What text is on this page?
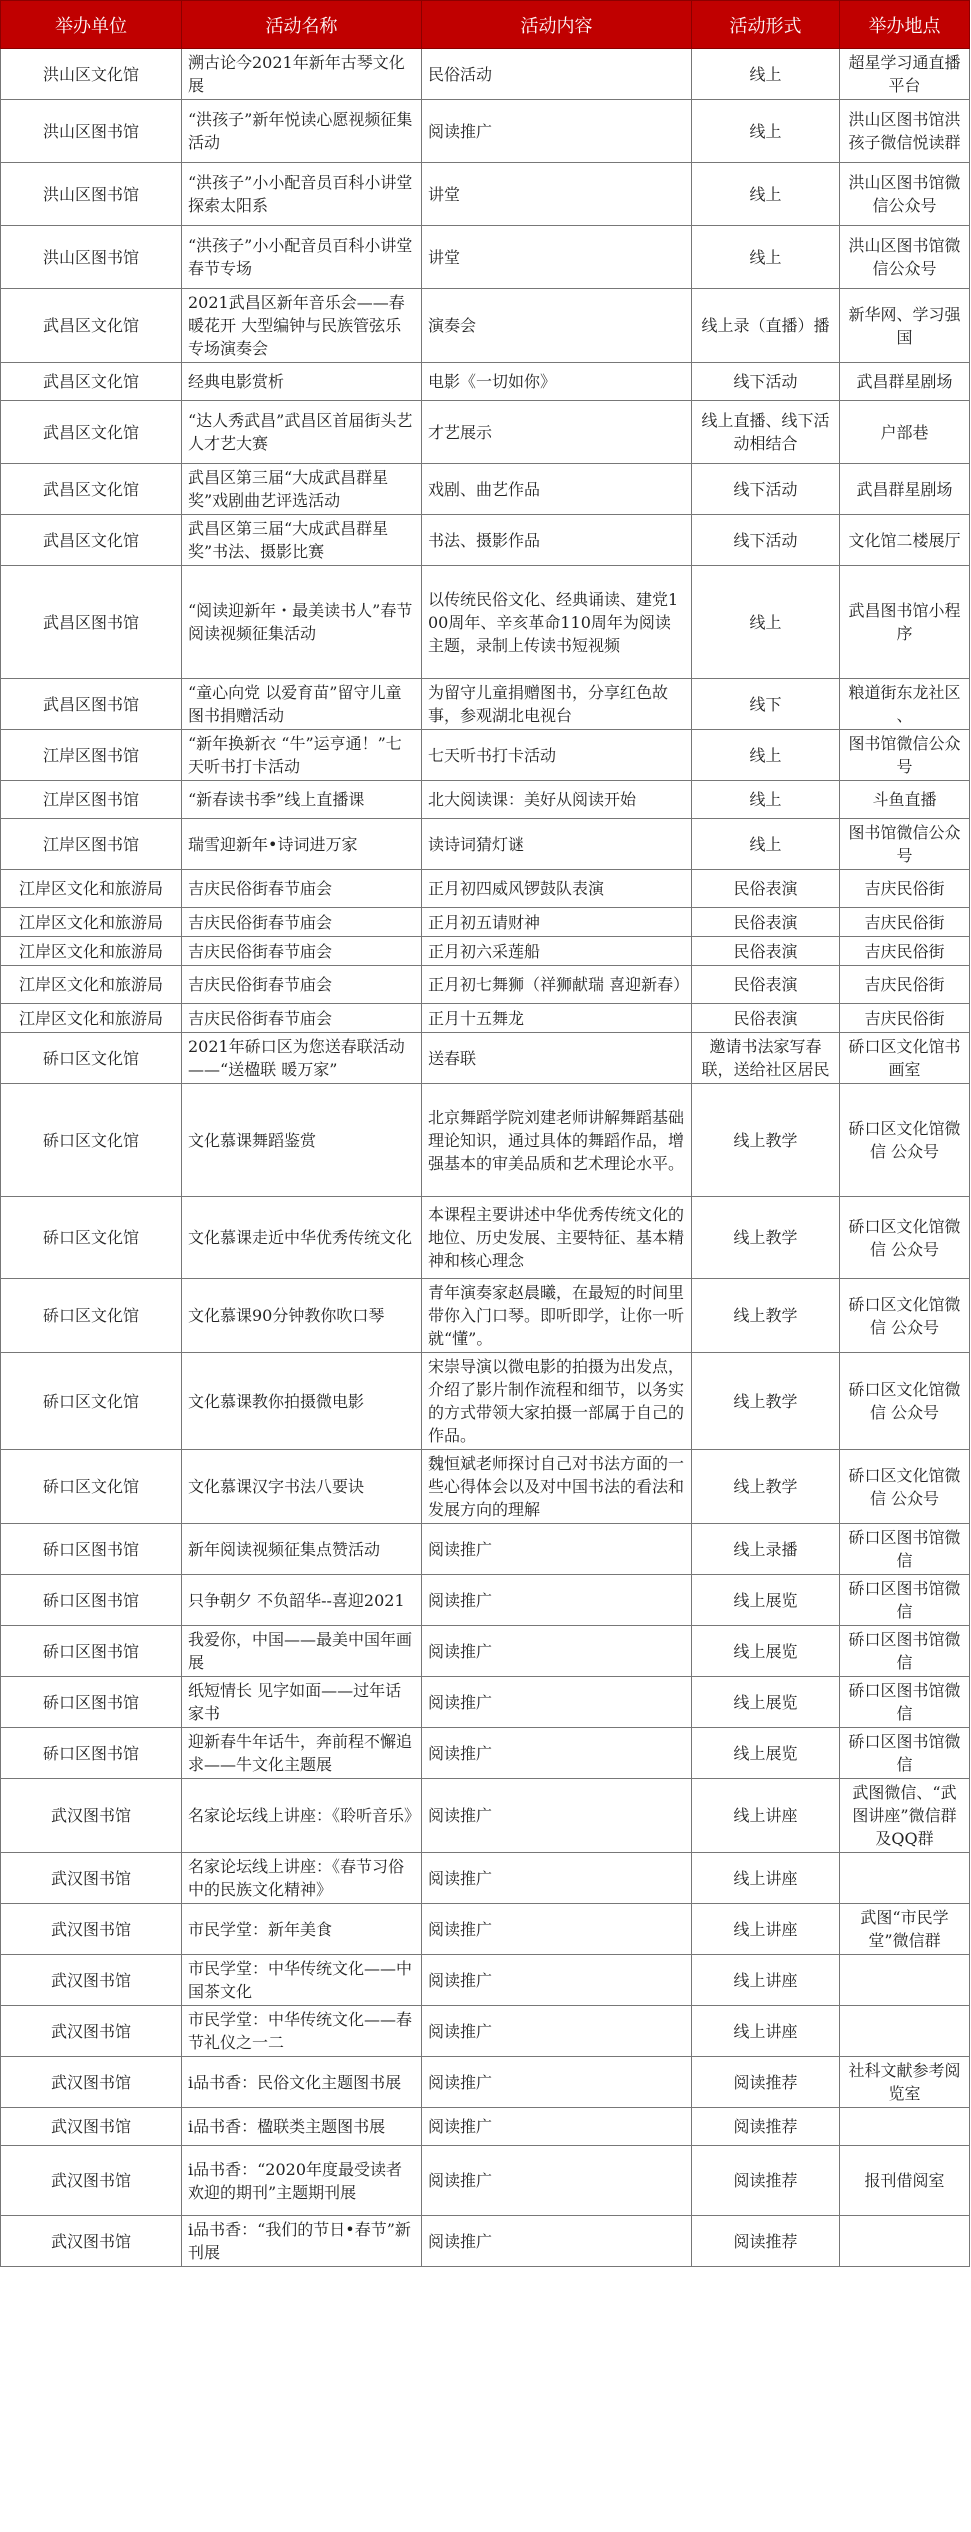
举办单位	活动名称	活动内容	活动形式	举办地点
洪山区文化馆	溯古论今2021年新年古琴文化展	民俗活动	线上	超星学习通直播平台
洪山区图书馆	“洪孩子”新年悦读心愿视频征集活动	阅读推广	线上	洪山区图书馆洪孩子微信悦读群
洪山区图书馆	“洪孩子”小小配音员百科小讲堂 探索太阳系	讲堂	线上	洪山区图书馆微信公众号
洪山区图书馆	“洪孩子”小小配音员百科小讲堂 春节专场	讲堂	线上	洪山区图书馆微信公众号
武昌区文化馆	2021武昌区新年音乐会——春暖花开 大型编钟与民族管弦乐专场演奏会	演奏会	线上录（直播）播	新华网、学习强国
武昌区文化馆	经典电影赏析	电影《一切如你》	线下活动	武昌群星剧场
武昌区文化馆	“达人秀武昌”武昌区首届街头艺人才艺大赛	才艺展示	线上直播、线下活动相结合	户部巷
武昌区文化馆	武昌区第三届“大成武昌群星奖”戏剧曲艺评选活动	戏剧、曲艺作品	线下活动	武昌群星剧场
武昌区文化馆	武昌区第三届“大成武昌群星奖”书法、摄影比赛	书法、摄影作品	线下活动	文化馆二楼展厅
武昌区图书馆	“阅读迎新年・最美读书人”春节阅读视频征集活动	以传统民俗文化、经典诵读、建党100周年、辛亥革命110周年为阅读主题，录制上传读书短视频	线上	武昌图书馆小程序
武昌区图书馆	“童心向党 以爱育苗”留守儿童图书捐赠活动	为留守儿童捐赠图书，分享红色故事，参观湖北电视台	线下	粮道街东龙社区 、
江岸区图书馆	“新年换新衣 “牛”运亨通！”七天听书打卡活动	七天听书打卡活动	线上	图书馆微信公众号
江岸区图书馆	“新春读书季”线上直播课	北大阅读课：美好从阅读开始	线上	斗鱼直播
江岸区图书馆	瑞雪迎新年•诗词进万家	读诗词猜灯谜	线上	图书馆微信公众号
江岸区文化和旅游局	吉庆民俗街春节庙会	正月初四威风锣鼓队表演	民俗表演	吉庆民俗街
江岸区文化和旅游局	吉庆民俗街春节庙会	正月初五请财神	民俗表演	吉庆民俗街
江岸区文化和旅游局	吉庆民俗街春节庙会	正月初六采莲船	民俗表演	吉庆民俗街
江岸区文化和旅游局	吉庆民俗街春节庙会	正月初七舞狮（祥狮献瑞 喜迎新春）	民俗表演	吉庆民俗街
江岸区文化和旅游局	吉庆民俗街春节庙会	正月十五舞龙	民俗表演	吉庆民俗街
硚口区文化馆	2021年硚口区为您送春联活动——“送楹联 暖万家”	送春联	邀请书法家写春联，送给社区居民	硚口区文化馆书画室
硚口区文化馆	文化慕课舞蹈鉴赏	北京舞蹈学院刘建老师讲解舞蹈基础理论知识，通过具体的舞蹈作品，增强基本的审美品质和艺术理论水平。	线上教学	硚口区文化馆微信 公众号
硚口区文化馆	文化慕课走近中华优秀传统文化	本课程主要讲述中华优秀传统文化的地位、历史发展、主要特征、基本精神和核心理念	线上教学	硚口区文化馆微信 公众号
硚口区文化馆	文化慕课90分钟教你吹口琴	青年演奏家赵晨曦，在最短的时间里带你入门口琴。即听即学，让你一听就“懂”。	线上教学	硚口区文化馆微信 公众号
硚口区文化馆	文化慕课教你拍摄微电影	宋崇导演以微电影的拍摄为出发点，介绍了影片制作流程和细节，以务实的方式带领大家拍摄一部属于自己的作品。	线上教学	硚口区文化馆微信 公众号
硚口区文化馆	文化慕课汉字书法八要诀	魏恒斌老师探讨自己对书法方面的一些心得体会以及对中国书法的看法和发展方向的理解	线上教学	硚口区文化馆微信 公众号
硚口区图书馆	新年阅读视频征集点赞活动	阅读推广	线上录播	硚口区图书馆微信
硚口区图书馆	只争朝夕 不负韶华--喜迎2021	阅读推广	线上展览	硚口区图书馆微信
硚口区图书馆	我爱你，中国——最美中国年画展	阅读推广	线上展览	硚口区图书馆微信
硚口区图书馆	纸短情长 见字如面——过年话家书	阅读推广	线上展览	硚口区图书馆微信
硚口区图书馆	迎新春牛年话牛，奔前程不懈追求——牛文化主题展	阅读推广	线上展览	硚口区图书馆微信
武汉图书馆	名家论坛线上讲座：《聆听音乐》	阅读推广	线上讲座	武图微信、“武图讲座”微信群及QQ群
武汉图书馆	名家论坛线上讲座：《春节习俗中的民族文化精神》	阅读推广	线上讲座	
武汉图书馆	市民学堂：新年美食	阅读推广	线上讲座	武图“市民学堂”微信群
武汉图书馆	市民学堂：中华传统文化——中国茶文化	阅读推广	线上讲座	
武汉图书馆	市民学堂：中华传统文化——春节礼仪之一二	阅读推广	线上讲座	
武汉图书馆	i品书香：民俗文化主题图书展	阅读推广	阅读推荐	社科文献参考阅览室
武汉图书馆	i品书香：楹联类主题图书展	阅读推广	阅读推荐	
武汉图书馆	i品书香：“2020年度最受读者欢迎的期刊”主题期刊展	阅读推广	阅读推荐	报刊借阅室
武汉图书馆	i品书香：“我们的节日•春节”新刊展	阅读推广	阅读推荐	
